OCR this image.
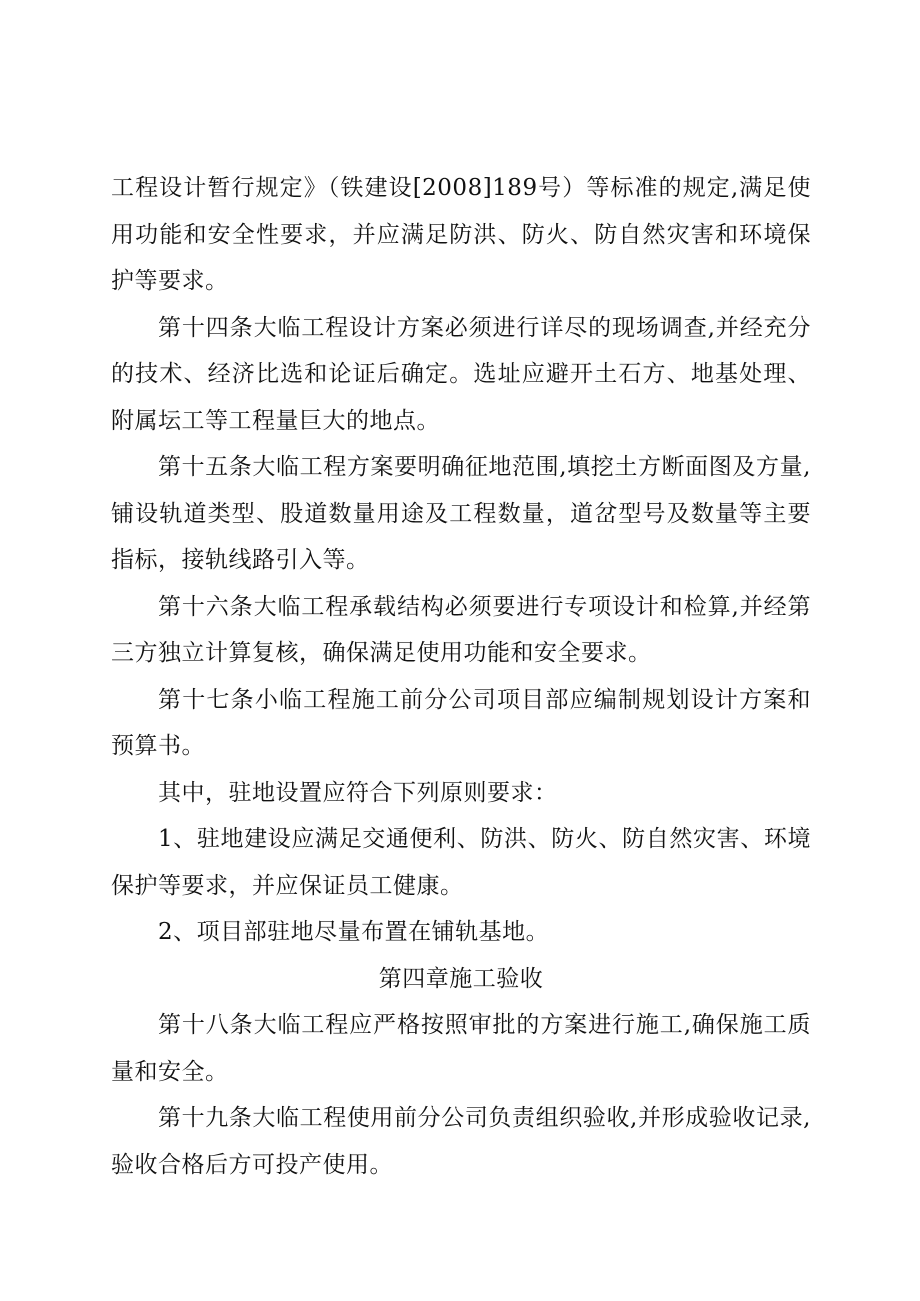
工程设计暂行规定》（铁建设[2008]189号）等标准的规定,满足使用功能和安全性要求，并应满足防洪、防火、防自然灾害和环境保护等要求。

第十四条大临工程设计方案必须进行详尽的现场调查,并经充分的技术、经济比选和论证后确定。选址应避开土石方、地基处理、附属坛工等工程量巨大的地点。

第十五条大临工程方案要明确征地范围,填挖土方断面图及方量,铺设轨道类型、股道数量用途及工程数量，道岔型号及数量等主要指标，接轨线路引入等。

第十六条大临工程承载结构必须要进行专项设计和检算,并经第三方独立计算复核，确保满足使用功能和安全要求。

第十七条小临工程施工前分公司项目部应编制规划设计方案和预算书。

其中，驻地设置应符合下列原则要求：

1、驻地建设应满足交通便利、防洪、防火、防自然灾害、环境保护等要求，并应保证员工健康。

2、项目部驻地尽量布置在铺轨基地。

第四章施工验收

第十八条大临工程应严格按照审批的方案进行施工,确保施工质量和安全。

第十九条大临工程使用前分公司负责组织验收,并形成验收记录,验收合格后方可投产使用。
